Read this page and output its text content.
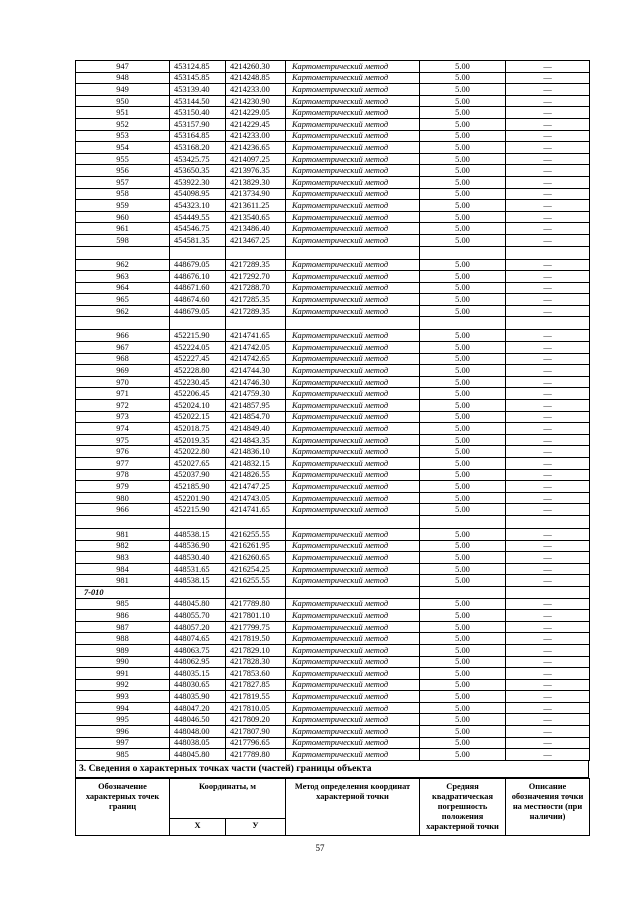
947	453124.85	4214260.30	Картометрический метод	5.00	—
948	453145.85	4214248.85	Картометрический метод	5.00	—
949	453139.40	4214233.00	Картометрический метод	5.00	—
950	453144.50	4214230.90	Картометрический метод	5.00	—
951	453150.40	4214229.05	Картометрический метод	5.00	—
952	453157.90	4214229.45	Картометрический метод	5.00	—
953	453164.85	4214233.00	Картометрический метод	5.00	—
954	453168.20	4214236.65	Картометрический метод	5.00	—
955	453425.75	4214097.25	Картометрический метод	5.00	—
956	453650.35	4213976.35	Картометрический метод	5.00	—
957	453922.30	4213829.30	Картометрический метод	5.00	—
958	454098.95	4213734.90	Картометрический метод	5.00	—
959	454323.10	4213611.25	Картометрический метод	5.00	—
960	454449.55	4213540.65	Картометрический метод	5.00	—
961	454546.75	4213486.40	Картометрический метод	5.00	—
598	454581.35	4213467.25	Картометрический метод	5.00	—

962	448679.05	4217289.35	Картометрический метод	5.00	—
963	448676.10	4217292.70	Картометрический метод	5.00	—
964	448671.60	4217288.70	Картометрический метод	5.00	—
965	448674.60	4217285.35	Картометрический метод	5.00	—
962	448679.05	4217289.35	Картометрический метод	5.00	—

966	452215.90	4214741.65	Картометрический метод	5.00	—
967	452224.05	4214742.05	Картометрический метод	5.00	—
968	452227.45	4214742.65	Картометрический метод	5.00	—
969	452228.80	4214744.30	Картометрический метод	5.00	—
970	452230.45	4214746.30	Картометрический метод	5.00	—
971	452206.45	4214759.30	Картометрический метод	5.00	—
972	452024.10	4214857.95	Картометрический метод	5.00	—
973	452022.15	4214854.70	Картометрический метод	5.00	—
974	452018.75	4214849.40	Картометрический метод	5.00	—
975	452019.35	4214843.35	Картометрический метод	5.00	—
976	452022.80	4214836.10	Картометрический метод	5.00	—
977	452027.65	4214832.15	Картометрический метод	5.00	—
978	452037.90	4214826.55	Картометрический метод	5.00	—
979	452185.90	4214747.25	Картометрический метод	5.00	—
980	452201.90	4214743.05	Картометрический метод	5.00	—
966	452215.90	4214741.65	Картометрический метод	5.00	—

981	448538.15	4216255.55	Картометрический метод	5.00	—
982	448536.90	4216261.95	Картометрический метод	5.00	—
983	448530.40	4216260.65	Картометрический метод	5.00	—
984	448531.65	4216254.25	Картометрический метод	5.00	—
981	448538.15	4216255.55	Картометрический метод	5.00	—
7-010					
985	448045.80	4217789.80	Картометрический метод	5.00	—
986	448055.70	4217801.10	Картометрический метод	5.00	—
987	448057.20	4217799.75	Картометрический метод	5.00	—
988	448074.65	4217819.50	Картометрический метод	5.00	—
989	448063.75	4217829.10	Картометрический метод	5.00	—
990	448062.95	4217828.30	Картометрический метод	5.00	—
991	448035.15	4217853.60	Картометрический метод	5.00	—
992	448030.65	4217827.85	Картометрический метод	5.00	—
993	448035.90	4217819.55	Картометрический метод	5.00	—
994	448047.20	4217810.05	Картометрический метод	5.00	—
995	448046.50	4217809.20	Картометрический метод	5.00	—
996	448048.00	4217807.90	Картометрический метод	5.00	—
997	448038.05	4217796.65	Картометрический метод	5.00	—
985	448045.80	4217789.80	Картометрический метод	5.00	—
3. Сведения о характерных точках части (частей) границы объекта
Обозначение характерных точек границ	Координаты, м		Метод определения координат характерной точки	Средняя квадратическая погрешность положения характерной точки	Описание обозначения точки на местности (при наличии)
	Х	У			
57
